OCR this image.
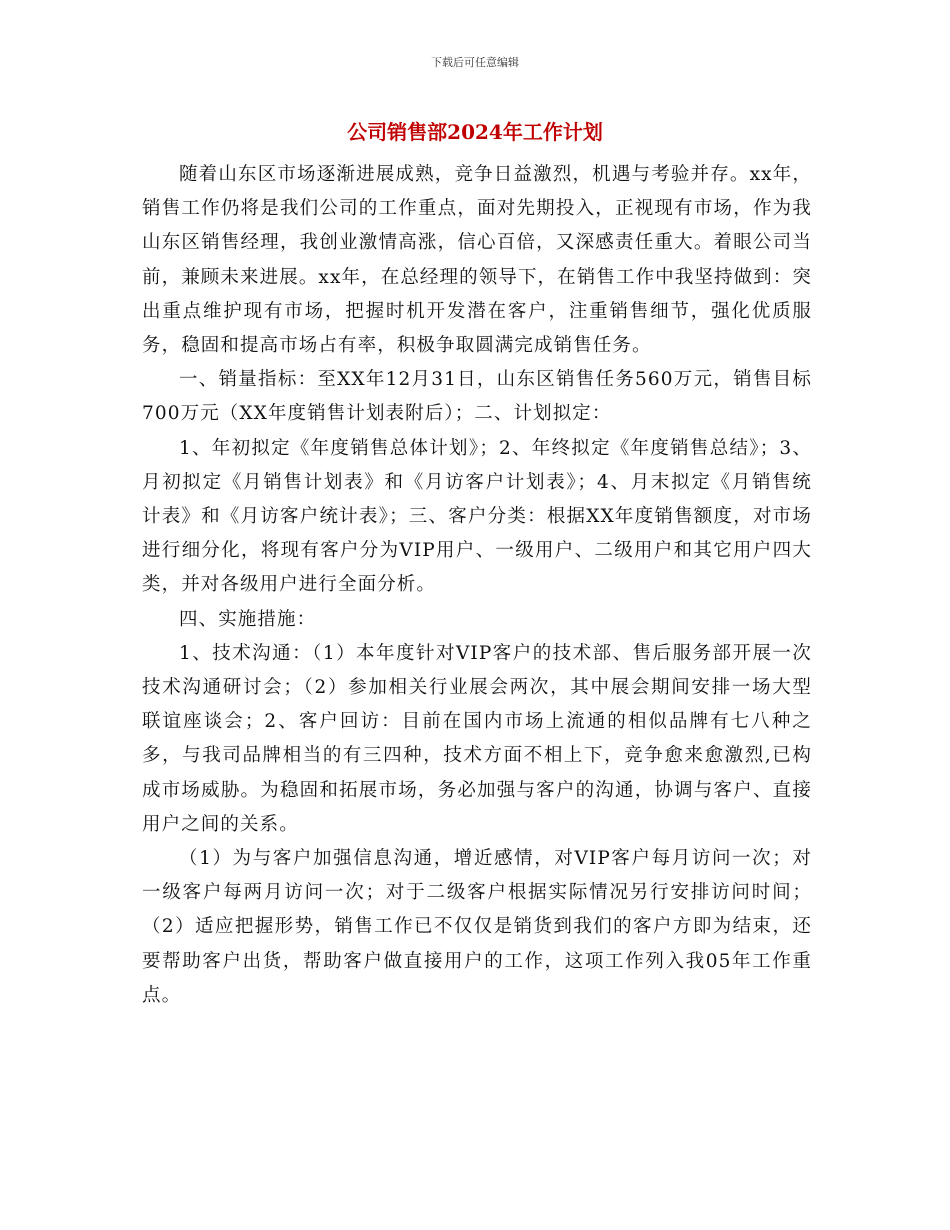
下载后可任意编辑
公司销售部2024年工作计划

随着山东区市场逐渐进展成熟，竞争日益激烈，机遇与考验并存。xx年，销售工作仍将是我们公司的工作重点，面对先期投入，正视现有市场，作为我山东区销售经理，我创业激情高涨，信心百倍，又深感责任重大。着眼公司当前，兼顾未来进展。xx年，在总经理的领导下，在销售工作中我坚持做到：突出重点维护现有市场，把握时机开发潜在客户，注重销售细节，强化优质服务，稳固和提高市场占有率，积极争取圆满完成销售任务。

一、销量指标：至XX年12月31日，山东区销售任务560万元，销售目标700万元（XX年度销售计划表附后）；二、计划拟定：

1、年初拟定《年度销售总体计划》；2、年终拟定《年度销售总结》；3、月初拟定《月销售计划表》和《月访客户计划表》；4、月末拟定《月销售统计表》和《月访客户统计表》；三、客户分类：根据XX年度销售额度，对市场进行细分化，将现有客户分为VIP用户、一级用户、二级用户和其它用户四大类，并对各级用户进行全面分析。

四、实施措施：

1、技术沟通：（1）本年度针对VIP客户的技术部、售后服务部开展一次技术沟通研讨会；（2）参加相关行业展会两次，其中展会期间安排一场大型联谊座谈会；2、客户回访：目前在国内市场上流通的相似品牌有七八种之多，与我司品牌相当的有三四种，技术方面不相上下，竞争愈来愈激烈,已构成市场威胁。为稳固和拓展市场，务必加强与客户的沟通，协调与客户、直接用户之间的关系。

（1）为与客户加强信息沟通，增近感情，对VIP客户每月访问一次；对一级客户每两月访问一次；对于二级客户根据实际情况另行安排访问时间；（2）适应把握形势，销售工作已不仅仅是销货到我们的客户方即为结束，还要帮助客户出货，帮助客户做直接用户的工作，这项工作列入我05年工作重点。
